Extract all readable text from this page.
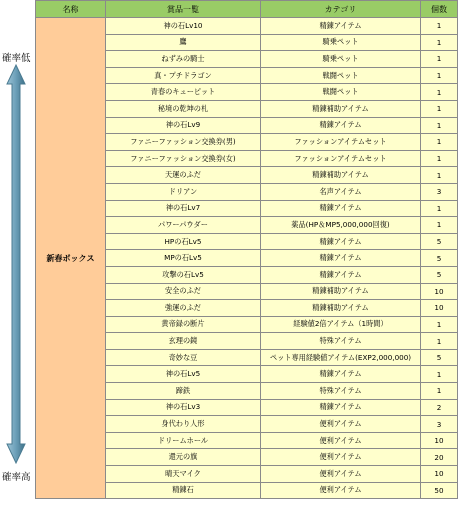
確率低
確率高
名称	賞品一覧	カテゴリ	個数
新春ボックス	神の石Lv10	精錬アイテム	1
	鷹	騎乗ペット	1
	ねずみの騎士	騎乗ペット	1
	真・プチドラゴン	戦闘ペット	1
	青春のキューピット	戦闘ペット	1
	秘境の乾坤の札	精錬補助アイテム	1
	神の石Lv9	精錬アイテム	1
	ファニーファッション交換券(男)	ファッションアイテムセット	1
	ファニーファッション交換券(女)	ファッションアイテムセット	1
	天運のふだ	精錬補助アイテム	1
	ドリアン	名声アイテム	3
	神の石Lv7	精錬アイテム	1
	パワーパウダー	薬品(HP＆MP5,000,000回復)	1
	HPの石Lv5	精錬アイテム	5
	MPの石Lv5	精錬アイテム	5
	攻撃の石Lv5	精錬アイテム	5
	安全のふだ	精錬補助アイテム	10
	強運のふだ	精錬補助アイテム	10
	黄帝録の断片	経験値2倍アイテム（1時間）	1
	玄理の鏡	特殊アイテム	1
	奇妙な豆	ペット専用経験値アイテム(EXP2,000,000)	5
	神の石Lv5	精錬アイテム	1
	蹄鉄	特殊アイテム	1
	神の石Lv3	精錬アイテム	2
	身代わり人形	便利アイテム	3
	ドリームホール	便利アイテム	10
	還元の旗	便利アイテム	20
	晴天マイク	便利アイテム	10
	精錬石	便利アイテム	50
